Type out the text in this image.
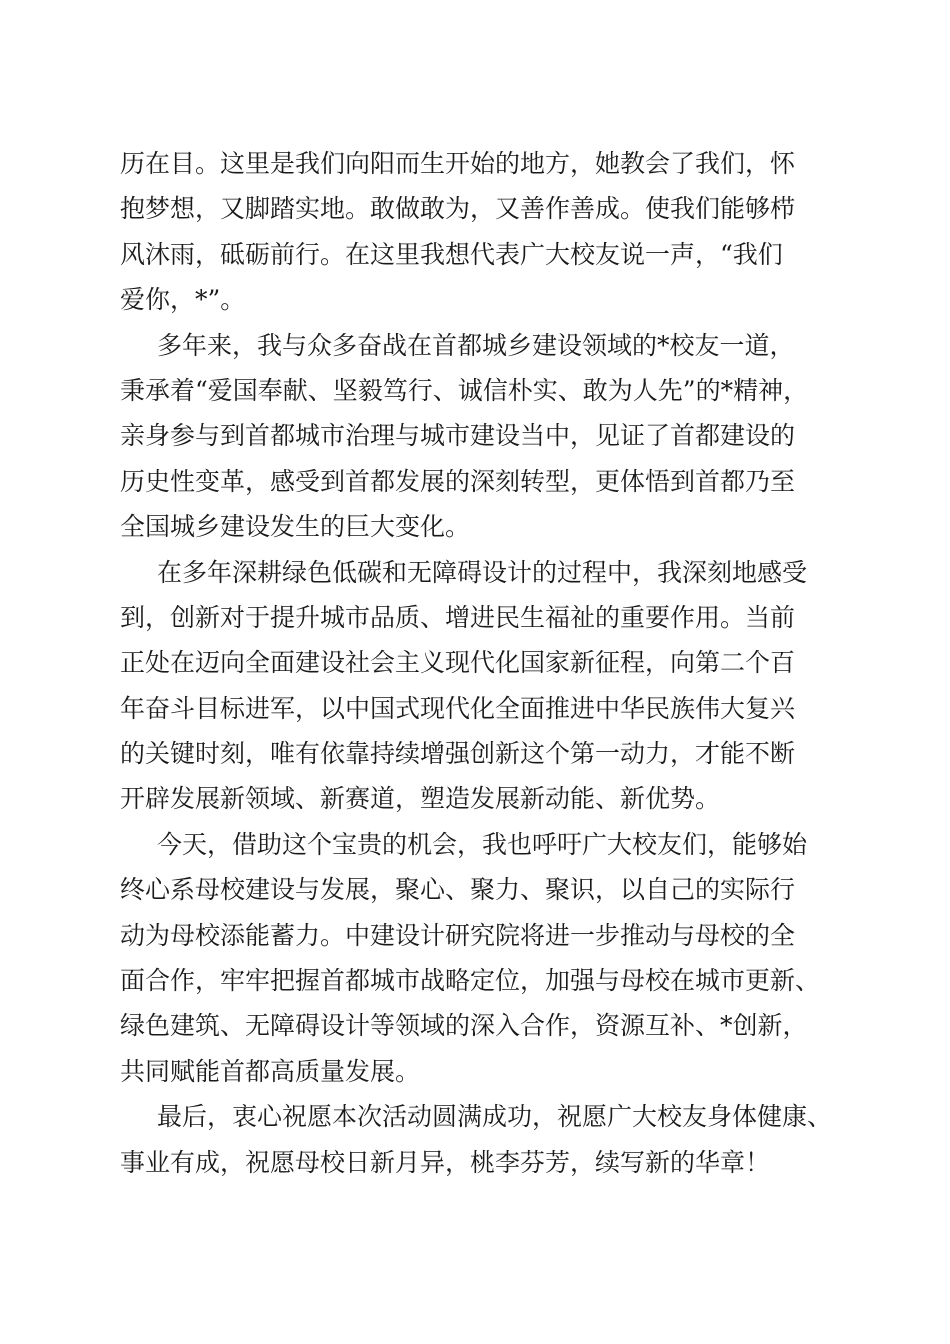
历在目。这里是我们向阳而生开始的地方，她教会了我们，怀
抱梦想，又脚踏实地。敢做敢为，又善作善成。使我们能够栉
风沐雨，砥砺前行。在这里我想代表广大校友说一声，“我们
爱你，*”。
多年来，我与众多奋战在首都城乡建设领域的*校友一道，
秉承着“爱国奉献、坚毅笃行、诚信朴实、敢为人先”的*精神，
亲身参与到首都城市治理与城市建设当中，见证了首都建设的
历史性变革，感受到首都发展的深刻转型，更体悟到首都乃至
全国城乡建设发生的巨大变化。
在多年深耕绿色低碳和无障碍设计的过程中，我深刻地感受
到，创新对于提升城市品质、增进民生福祉的重要作用。当前
正处在迈向全面建设社会主义现代化国家新征程，向第二个百
年奋斗目标进军，以中国式现代化全面推进中华民族伟大复兴
的关键时刻，唯有依靠持续增强创新这个第一动力，才能不断
开辟发展新领域、新赛道，塑造发展新动能、新优势。
今天，借助这个宝贵的机会，我也呼吁广大校友们，能够始
终心系母校建设与发展，聚心、聚力、聚识，以自己的实际行
动为母校添能蓄力。中建设计研究院将进一步推动与母校的全
面合作，牢牢把握首都城市战略定位，加强与母校在城市更新、
绿色建筑、无障碍设计等领域的深入合作，资源互补、*创新，
共同赋能首都高质量发展。
最后，衷心祝愿本次活动圆满成功，祝愿广大校友身体健康、
事业有成，祝愿母校日新月异，桃李芬芳，续写新的华章！
